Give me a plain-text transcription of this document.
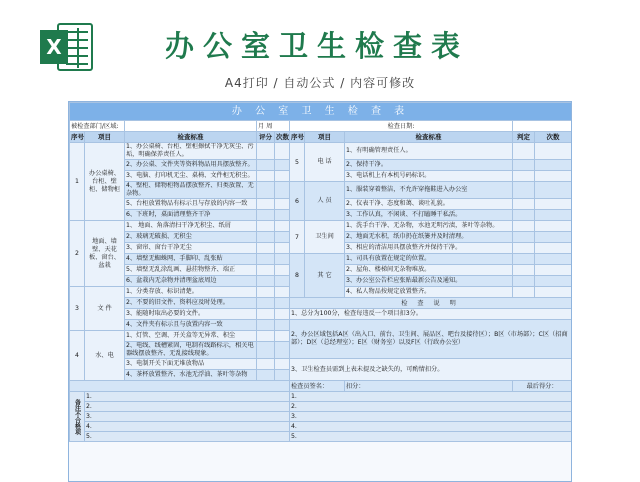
X	办公室卫生检查表
A4打印 / 自动公式 / 内容可修改
办 公 室 卫 生 检 查 表									
被检查部门/区域:			月 周		检查日期:				
序号	项目	检查标准	评分	次数	序号	项目	检查标准	判定	次数
1	办公桌椅、台柜、壁柜、储物柜	1、办公桌椅、台柜、壁柜擦拭干净无灰尘、污垢，明确保养责任人。			5	电 话	1、有明确管理责任人。		
		2、办公桌、文件夹等资料物品用具摆放整齐。					2、保持干净。		
		3、电脑、打印机无尘、桌椅、文件柜无积尘。					3、电话机上有本机号码标识。		
		4、壁柜、储物柜物品摆放整齐、归类放置、无杂物。			6	人 员	1、服装穿着整洁，不允许穿拖鞋进入办公室		
		5、台柜放置物品有标示且与存放的内容一致					2、仪表干净、态度和蔼、谈吐礼貌。		
		6、下班时，桌面清理整齐干净					3、工作认真，不闲谈、不打瞌睡干私活。		
2	地面、墙壁、天花板、窗台、盆栽	1、 地面、角落清扫干净无积尘、纸屑			7	卫生间	1、洗手台干净、无杂物，水池无明污渍，茶叶等杂物。		
		2、玻璃无破损、无积尘					2、地面无水积，纸巾扔在纸篓并及时清理。		
		3、窗帘、窗台干净无尘					3、相应的清洁用具摆放整齐并保持干净。		
		4、墙壁无蜘蛛网、手脚印、乱张贴			8	其 它	1、司具有放置在规定的位置。		
		5、墙壁无乱涂乱画、悬挂物整齐、端正					2、屋角、楼梯间无杂物堆放。		
		6、盆栽内无杂物并清理盆底周边					3、办公室公告栏应张贴最新公告及通知。		
3	文 件	1、分类存放、标识清楚。					4、私人物品按规定放置整齐。		
		2、不要的旧文件、资料应及时处理。			检 查 说 明				
		3、能随时取出必要的文件。			1、总分为100分，检查每违反一个项目扣3分。				
		4、文件夹有标示且与放置内容一致			2、办公区域包括A区（出入口、前台、卫生间、展品区、吧台及接待区）；B区（市场部）；C区（招商部）；D区（总经理室）；E区（财务室）以及F区（行政办公室）				
4	水、电	1、灯管、空调、开关盒等无异常、积尘							
		2、电线、线槽紧固，电制有线路标示，相关电器线摆放整齐、无乱接线现象。							
		3、电制开关下面无堆放物品			3、卫生检查员需到上表未提及之缺失的，可酌情扣分。				
		4、茶杯放置整齐、水池无浮油、茶叶等杂物							
					检查员签名：		扣分：	最后得分：	
备注不合格项	1.				1.				
	2.				2.				
	3.				3.				
	4.				4.				
	5.				5.				
